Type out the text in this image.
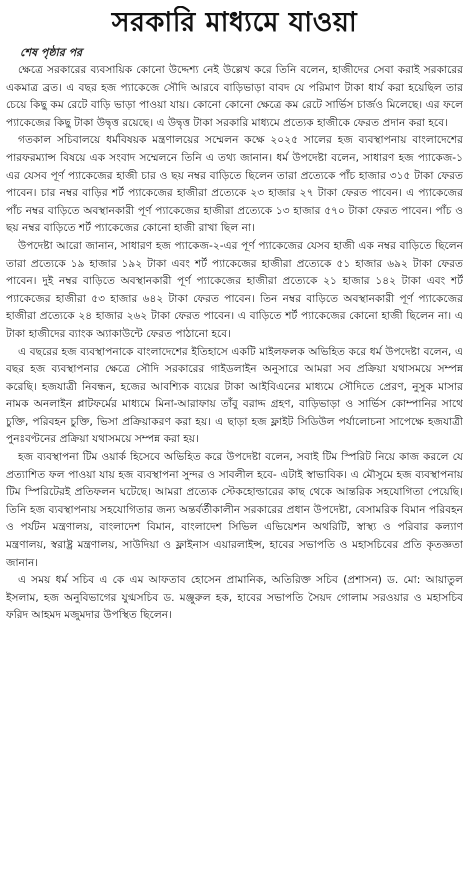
সরকারি মাধ্যমে যাওয়া
শেষ পৃষ্ঠার পর

ক্ষেত্রে সরকারের ব্যবসায়িক কোনো উদ্দেশ্য নেই উল্লেখ করে তিনি বলেন, হাজীদের সেবা করাই সরকারের একমাত্র ব্রত। এ বছর হজ প্যাকেজে সৌদি আরবে বাড়িভাড়া বাবদ যে পরিমাণ টাকা ধার্য করা হয়েছিল তার চেয়ে কিছু কম রেটে বাড়ি ভাড়া পাওয়া যায়। কোনো কোনো ক্ষেত্রে কম রেটে সার্ভিস চার্জও মিলেছে। এর ফলে প্যাকেজের কিছু টাকা উদ্বৃত্ত রয়েছে। এ উদ্বৃত্ত টাকা সরকারি মাধ্যমে প্রত্যেক হাজীকে ফেরত প্রদান করা হবে।

গতকাল সচিবালয়ে ধর্মবিষয়ক মন্ত্রণালয়ের সম্মেলন কক্ষে ২০২৫ সালের হজ ব্যবস্থাপনায় বাংলাদেশের পারফরম্যান্স বিষয়ে এক সংবাদ সম্মেলনে তিনি এ তথ্য জানান। ধর্ম উপদেষ্টা বলেন, সাধারণ হজ প্যাকেজ-১ এর যেসব পূর্ণ প্যাকেজের হাজী চার ও ছয় নম্বর বাড়িতে ছিলেন তারা প্রত্যেকে পাঁচ হাজার ৩১৫ টাকা ফেরত পাবেন। চার নম্বর বাড়ির শর্ট প্যাকেজের হাজীরা প্রত্যেকে ২৩ হাজার ২৭ টাকা ফেরত পাবেন। এ প্যাকেজের পাঁচ নম্বর বাড়িতে অবস্থানকারী পূর্ণ প্যাকেজের হাজীরা প্রত্যেকে ১৩ হাজার ৫৭০ টাকা ফেরত পাবেন। পাঁচ ও ছয় নম্বর বাড়িতে শর্ট প্যাকেজের কোনো হাজী রাখা ছিল না।

উপদেষ্টা আরো জানান, সাধারণ হজ প্যাকেজ-২-এর পূর্ণ প্যাকেজের যেসব হাজী এক নম্বর বাড়িতে ছিলেন তারা প্রত্যেকে ১৯ হাজার ১৯২ টাকা এবং শর্ট প্যাকেজের হাজীরা প্রত্যেকে ৫১ হাজার ৬৯২ টাকা ফেরত পাবেন। দুই নম্বর বাড়িতে অবস্থানকারী পূর্ণ প্যাকেজের হাজীরা প্রত্যেকে ২১ হাজার ১৪২ টাকা এবং শর্ট প্যাকেজের হাজীরা ৫৩ হাজার ৬৪২ টাকা ফেরত পাবেন। তিন নম্বর বাড়িতে অবস্থানকারী পূর্ণ প্যাকেজের হাজীরা প্রত্যেকে ২৪ হাজার ২৬২ টাকা ফেরত পাবেন। এ বাড়িতে শর্ট প্যাকেজের কোনো হাজী ছিলেন না। এ টাকা হাজীদের ব্যাংক অ্যাকাউন্টে ফেরত পাঠানো হবে।

এ বছরের হজ ব্যবস্থাপনাকে বাংলাদেশের ইতিহাসে একটি মাইলফলক অভিহিত করে ধর্ম উপদেষ্টা বলেন, এ বছর হজ ব্যবস্থাপনার ক্ষেত্রে সৌদি সরকারের গাইডলাইন অনুসারে আমরা সব প্রক্রিয়া যথাসময়ে সম্পন্ন করেছি। হজযাত্রী নিবন্ধন, হজের আবশ্যিক ব্যয়ের টাকা আইবিএনের মাধ্যমে সৌদিতে প্রেরণ, নুসুক মাসার নামক অনলাইন প্লাটফর্মের মাধ্যমে মিনা-আরাফায় তাঁবু বরাদ্দ গ্রহণ, বাড়িভাড়া ও সার্ভিস কোম্পানির সাথে চুক্তি, পরিবহন চুক্তি, ভিসা প্রক্রিয়াকরণ করা হয়। এ ছাড়া হজ ফ্লাইট সিডিউল পর্যালোচনা সাপেক্ষে হজযাত্রী পুনঃবণ্টনের প্রক্রিয়া যথাসময়ে সম্পন্ন করা হয়।

হজ ব্যবস্থাপনা টিম ওয়ার্ক হিসেবে অভিহিত করে উপদেষ্টা বলেন, সবাই টিম স্পিরিট নিয়ে কাজ করলে যে প্রত্যাশিত ফল পাওয়া যায় হজ ব্যবস্থাপনা সুন্দর ও সাবলীল হবে- এটাই স্বাভাবিক। এ মৌসুমে হজ ব্যবস্থাপনায় টিম স্পিরিটেরই প্রতিফলন ঘটেছে। আমরা প্রত্যেক স্টেকহোল্ডারের কাছ থেকে আন্তরিক সহযোগিতা পেয়েছি। তিনি হজ ব্যবস্থাপনায় সহযোগিতার জন্য অন্তর্বর্তীকালীন সরকারের প্রধান উপদেষ্টা, বেসামরিক বিমান পরিবহন ও পর্যটন মন্ত্রণালয়, বাংলাদেশ বিমান, বাংলাদেশ সিভিল এভিয়েশন অথরিটি, স্বাস্থ্য ও পরিবার কল্যাণ মন্ত্রণালয়, স্বরাষ্ট্র মন্ত্রণালয়, সাউদিয়া ও ফ্লাইনাস এয়ারলাইন্স, হাবের সভাপতি ও মহাসচিবের প্রতি কৃতজ্ঞতা জানান।

এ সময় ধর্ম সচিব এ কে এম আফতাব হোসেন প্রামানিক, অতিরিক্ত সচিব (প্রশাসন) ড. মো: আয়াতুল ইসলাম, হজ অনুবিভাগের যুগ্মসচিব ড. মঞ্জুরুল হক, হাবের সভাপতি সৈয়দ গোলাম সরওয়ার ও মহাসচিব ফরিদ আহমদ মজুমদার উপস্থিত ছিলেন।
